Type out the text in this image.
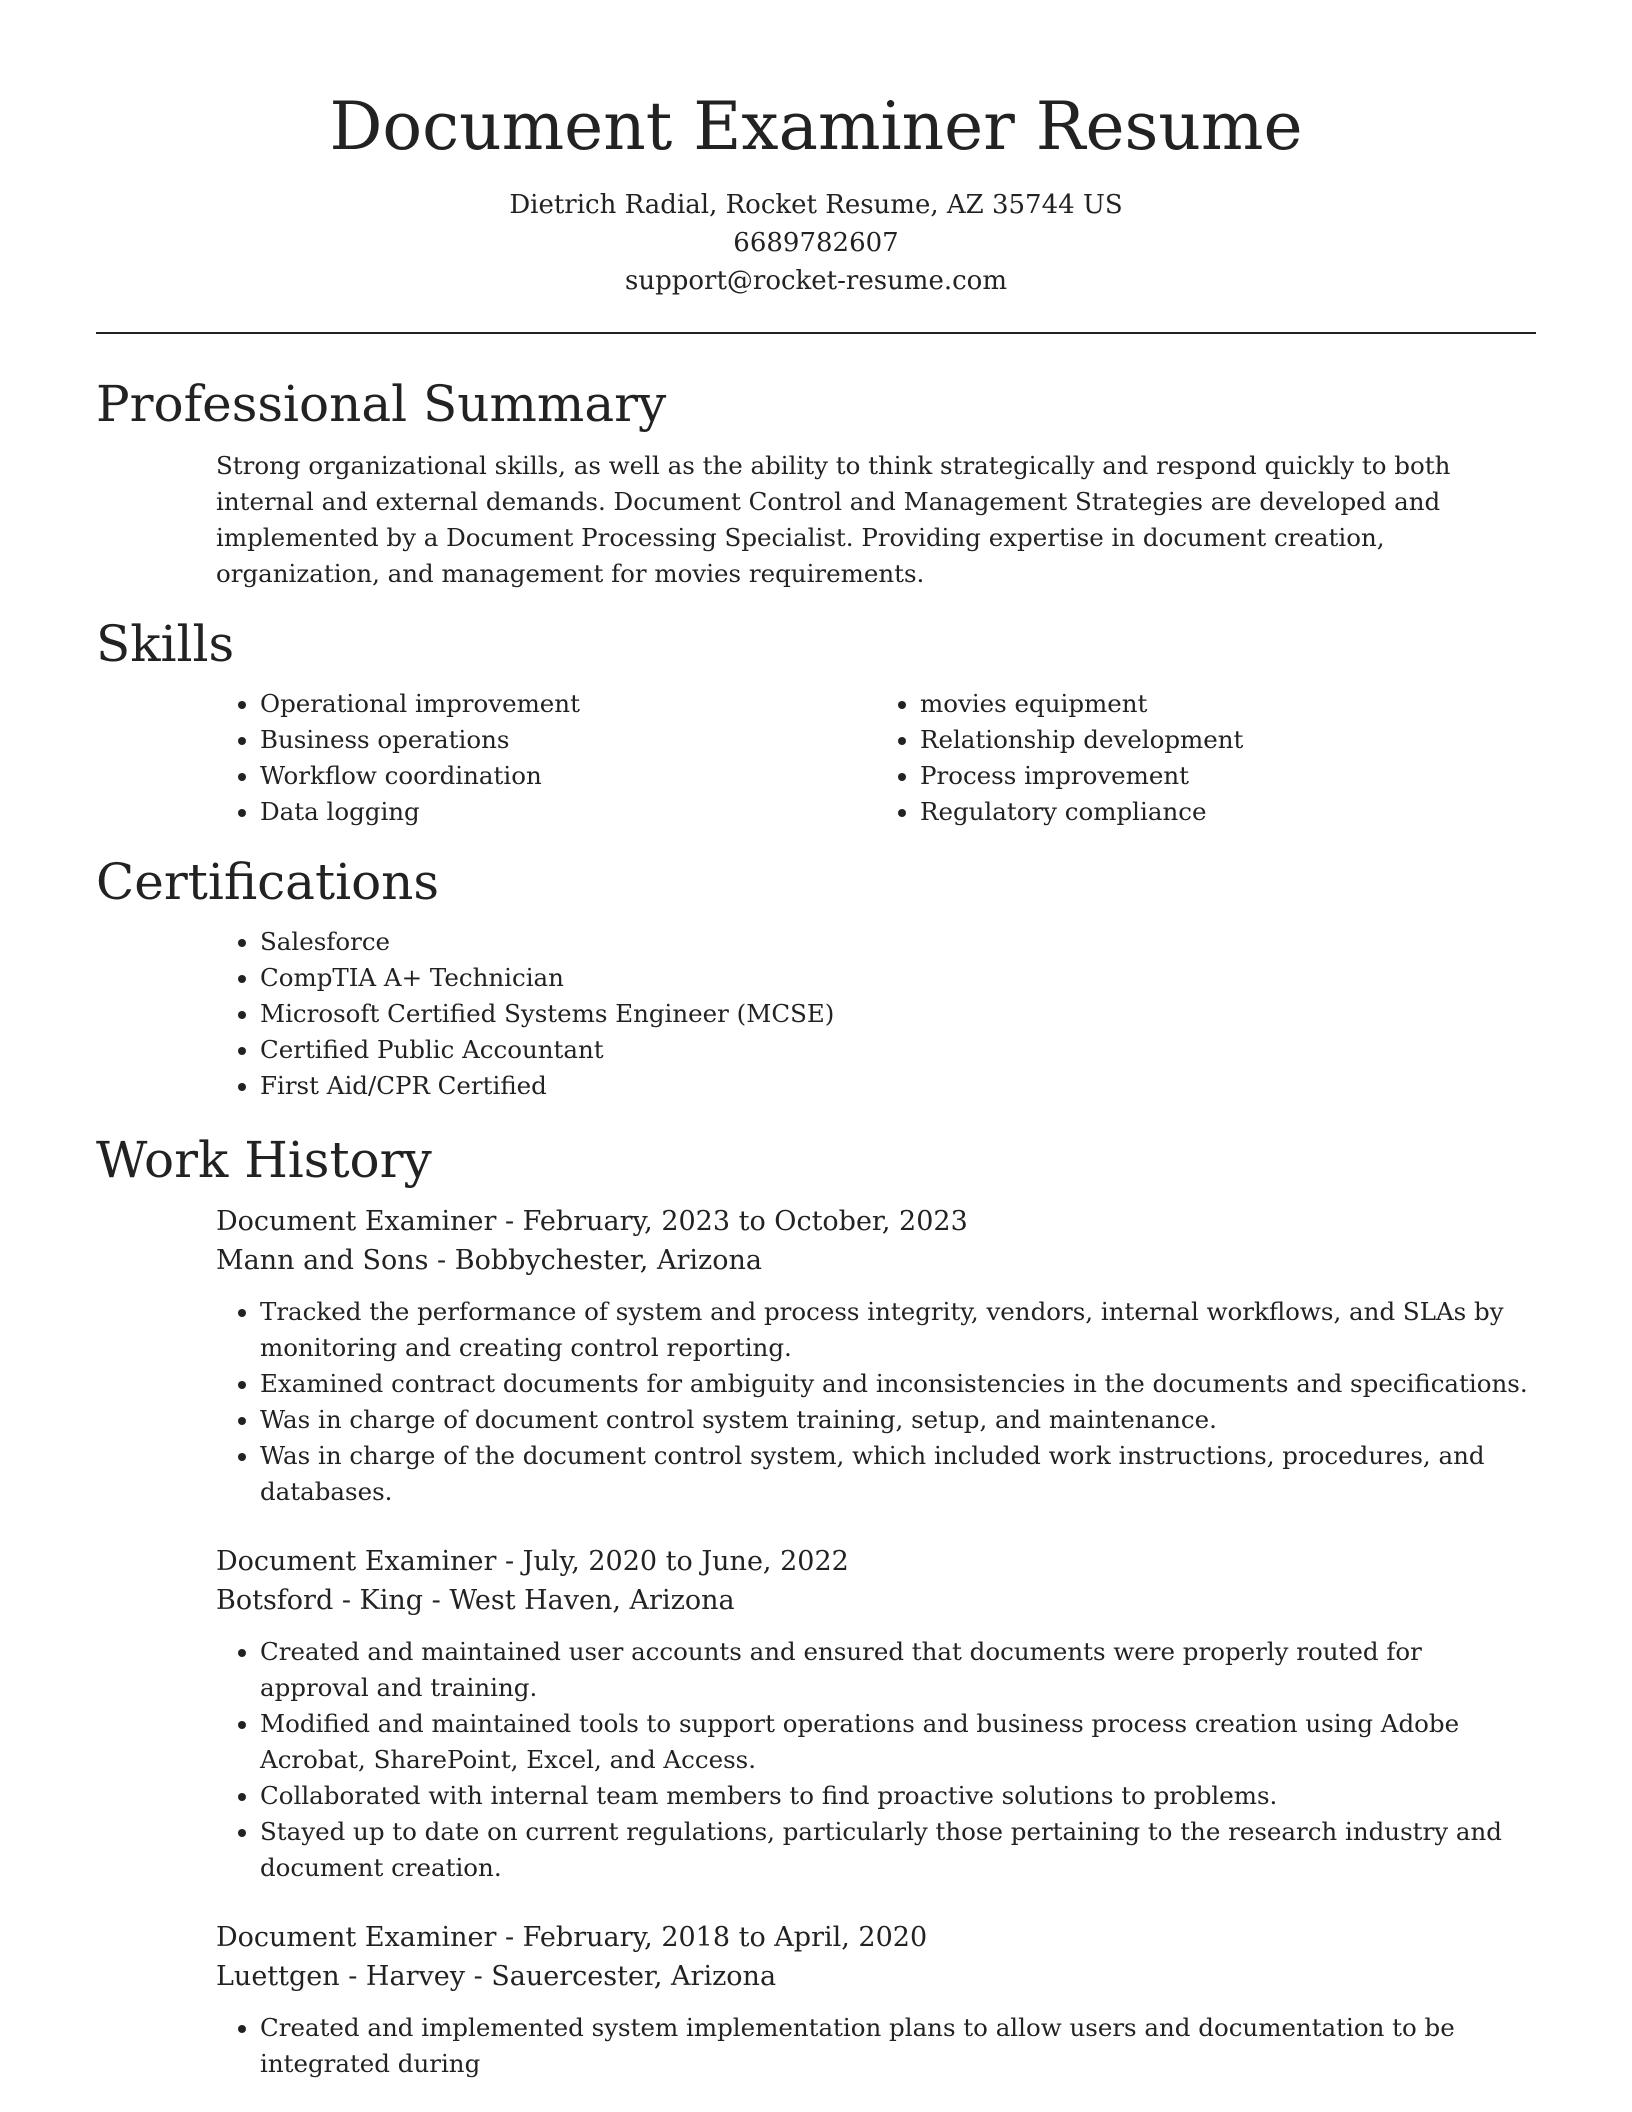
Document Examiner Resume
Dietrich Radial, Rocket Resume, AZ 35744 US
6689782607
support@rocket-resume.com
Professional Summary
Strong organizational skills, as well as the ability to think strategically and respond quickly to both internal and external demands. Document Control and Management Strategies are developed and implemented by a Document Processing Specialist. Providing expertise in document creation, organization, and management for movies requirements.
Skills
• Operational improvement
• Business operations
• Workflow coordination
• Data logging
• movies equipment
• Relationship development
• Process improvement
• Regulatory compliance
Certifications
• Salesforce
• CompTIA A+ Technician
• Microsoft Certified Systems Engineer (MCSE)
• Certified Public Accountant
• First Aid/CPR Certified
Work History
Document Examiner - February, 2023 to October, 2023
Mann and Sons - Bobbychester, Arizona
• Tracked the performance of system and process integrity, vendors, internal workflows, and SLAs by monitoring and creating control reporting.
• Examined contract documents for ambiguity and inconsistencies in the documents and specifications.
• Was in charge of document control system training, setup, and maintenance.
• Was in charge of the document control system, which included work instructions, procedures, and databases.
Document Examiner - July, 2020 to June, 2022
Botsford - King - West Haven, Arizona
• Created and maintained user accounts and ensured that documents were properly routed for approval and training.
• Modified and maintained tools to support operations and business process creation using Adobe Acrobat, SharePoint, Excel, and Access.
• Collaborated with internal team members to find proactive solutions to problems.
• Stayed up to date on current regulations, particularly those pertaining to the research industry and document creation.
Document Examiner - February, 2018 to April, 2020
Luettgen - Harvey - Sauercester, Arizona
• Created and implemented system implementation plans to allow users and documentation to be integrated during
